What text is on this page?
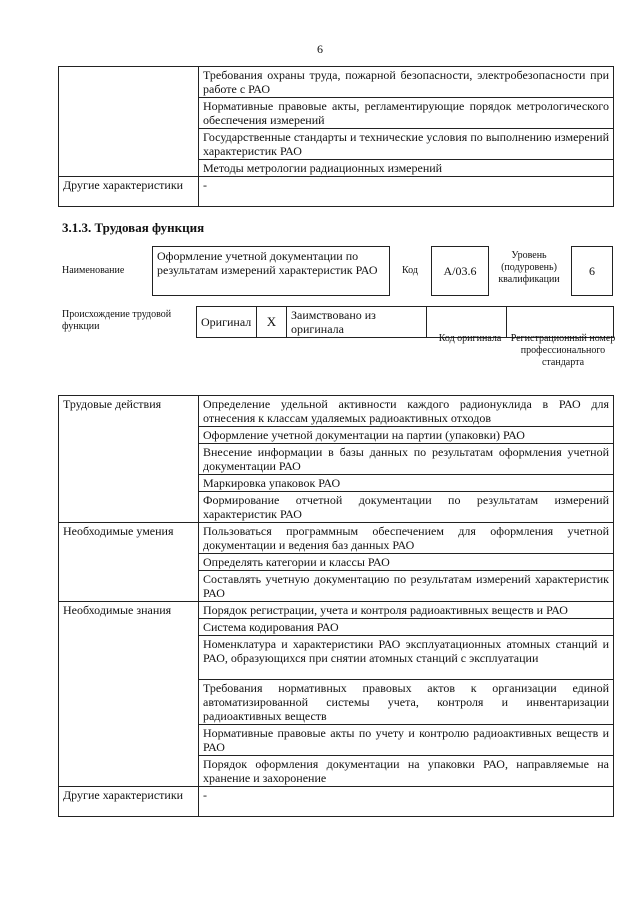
6
	Требования охраны труда, пожарной безопасности, электробезопасности при работе с РАО
	Нормативные правовые акты, регламентирующие порядок метрологического обеспечения измерений
	Государственные стандарты и технические условия по выполнению измерений характеристик РАО
	Методы метрологии радиационных измерений
Другие характеристики	-
3.1.3. Трудовая функция
Наименование
Оформление учетной документации по результатам измерений характеристик РАО	Код A/03.6
Уровень (подуровень) квалификации
6
Происхождение трудовой функции	Оригинал	X	Заимствовано из оригинала		
Код оригинала Регистрационный номер профессионального стандарта
Трудовые действия	Определение удельной активности каждого радионуклида в РАО для отнесения к классам удаляемых радиоактивных отходов
	Оформление учетной документации на партии (упаковки) РАО
	Внесение информации в базы данных по результатам оформления учетной документации РАО
	Маркировка упаковок РАО
	Формирование отчетной документации по результатам измерений характеристик РАО
Необходимые умения	Пользоваться программным обеспечением для оформления учетной документации и ведения баз данных РАО
	Определять категории и классы РАО
	Составлять учетную документацию по результатам измерений характеристик РАО
Необходимые знания	Порядок регистрации, учета и контроля радиоактивных веществ и РАО
	Система кодирования РАО
	Номенклатура и характеристики РАО эксплуатационных атомных станций и РАО, образующихся при снятии атомных станций с эксплуатации
	Требования нормативных правовых актов к организации единой автоматизированной системы учета, контроля и инвентаризации радиоактивных веществ
	Нормативные правовые акты по учету и контролю радиоактивных веществ и РАО
	Порядок оформления документации на упаковки РАО, направляемые на хранение и захоронение
Другие характеристики	-
